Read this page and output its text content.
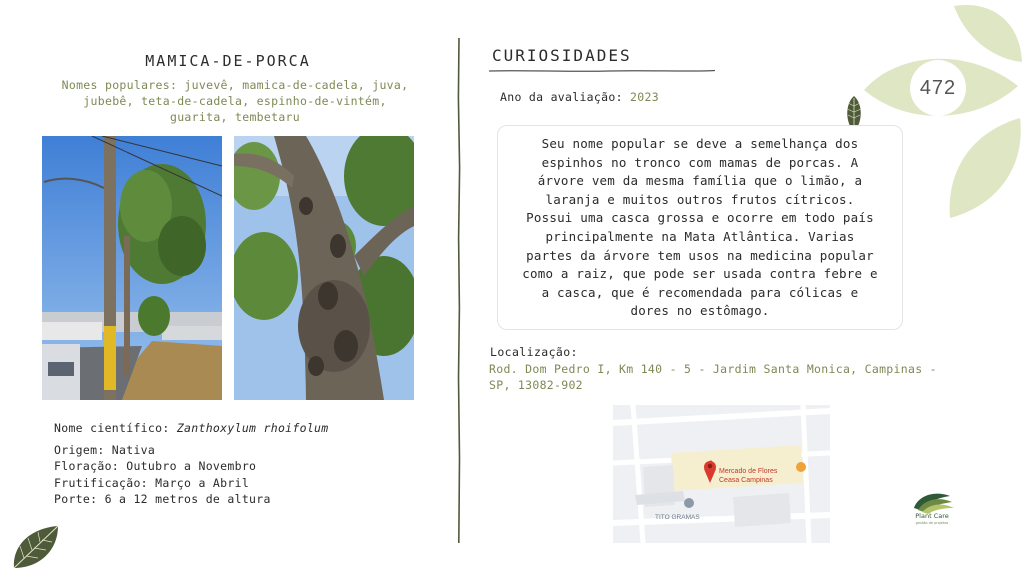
472
MAMICA-DE-PORCA
Nomes populares: juvevê, mamica-de-cadela, juva, jubebê, teta-de-cadela, espinho-de-vintém, guarita, tembetaru
Nome científico: Zanthoxylum rhoifolum
Origem: Nativa
Floração: Outubro a Novembro
Frutificação: Março a Abril
Porte: 6 a 12 metros de altura
CURIOSIDADES
Ano da avaliação: 2023
Seu nome popular se deve a semelhança dos espinhos no tronco com mamas de porcas. A árvore vem da mesma família que o limão, a laranja e muitos outros frutos cítricos. Possui uma casca grossa e ocorre em todo país principalmente na Mata Atlântica. Varias partes da árvore tem usos na medicina popular como a raiz, que pode ser usada contra febre e a casca, que é recomendada para cólicas e dores no estômago.
Localização:
Rod. Dom Pedro I, Km 140 - 5 - Jardim Santa Monica, Campinas - SP, 13082-902
Mercado de Flores
Ceasa Campinas
TITO GRAMAS	Plant Care
gestão de projetos
